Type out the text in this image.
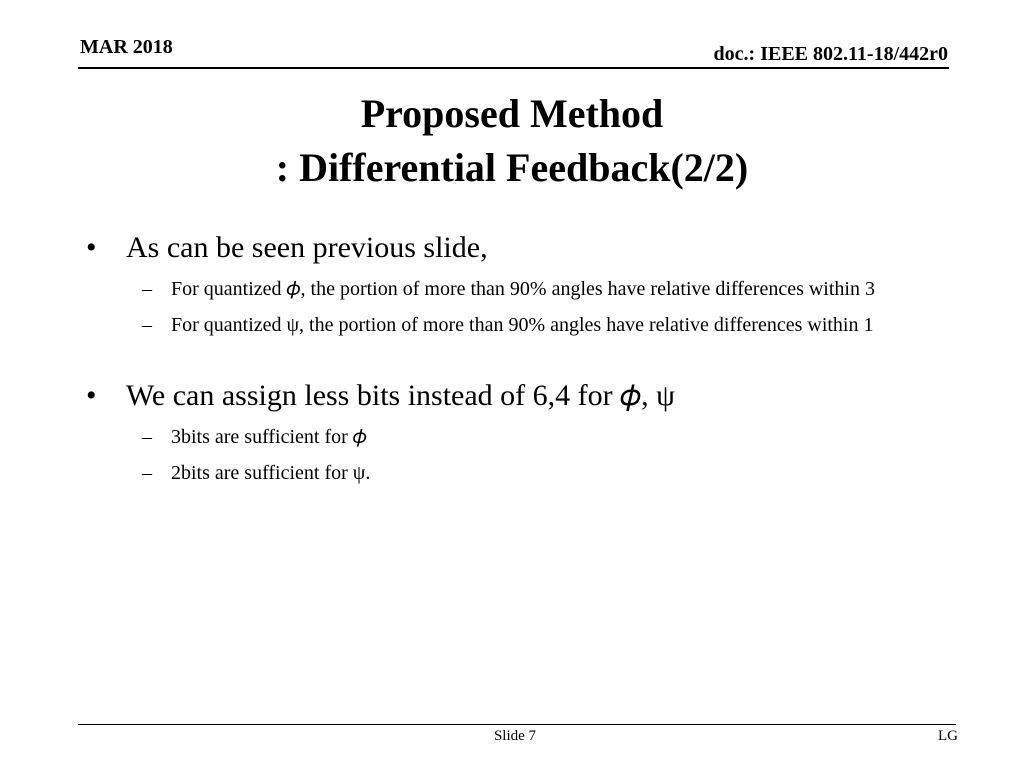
MAR 2018	doc.: IEEE 802.11-18/442r0
Proposed Method
: Differential Feedback(2/2)
• As can be seen previous slide,
– For quantized 𝜙, the portion of more than 90% angles have relative differences within 3
– For quantized ψ, the portion of more than 90% angles have relative differences within 1
• We can assign less bits instead of 6,4 for 𝜙, ψ
– 3bits are sufficient for 𝜙
– 2bits are sufficient for ψ.
Slide 7	LG
